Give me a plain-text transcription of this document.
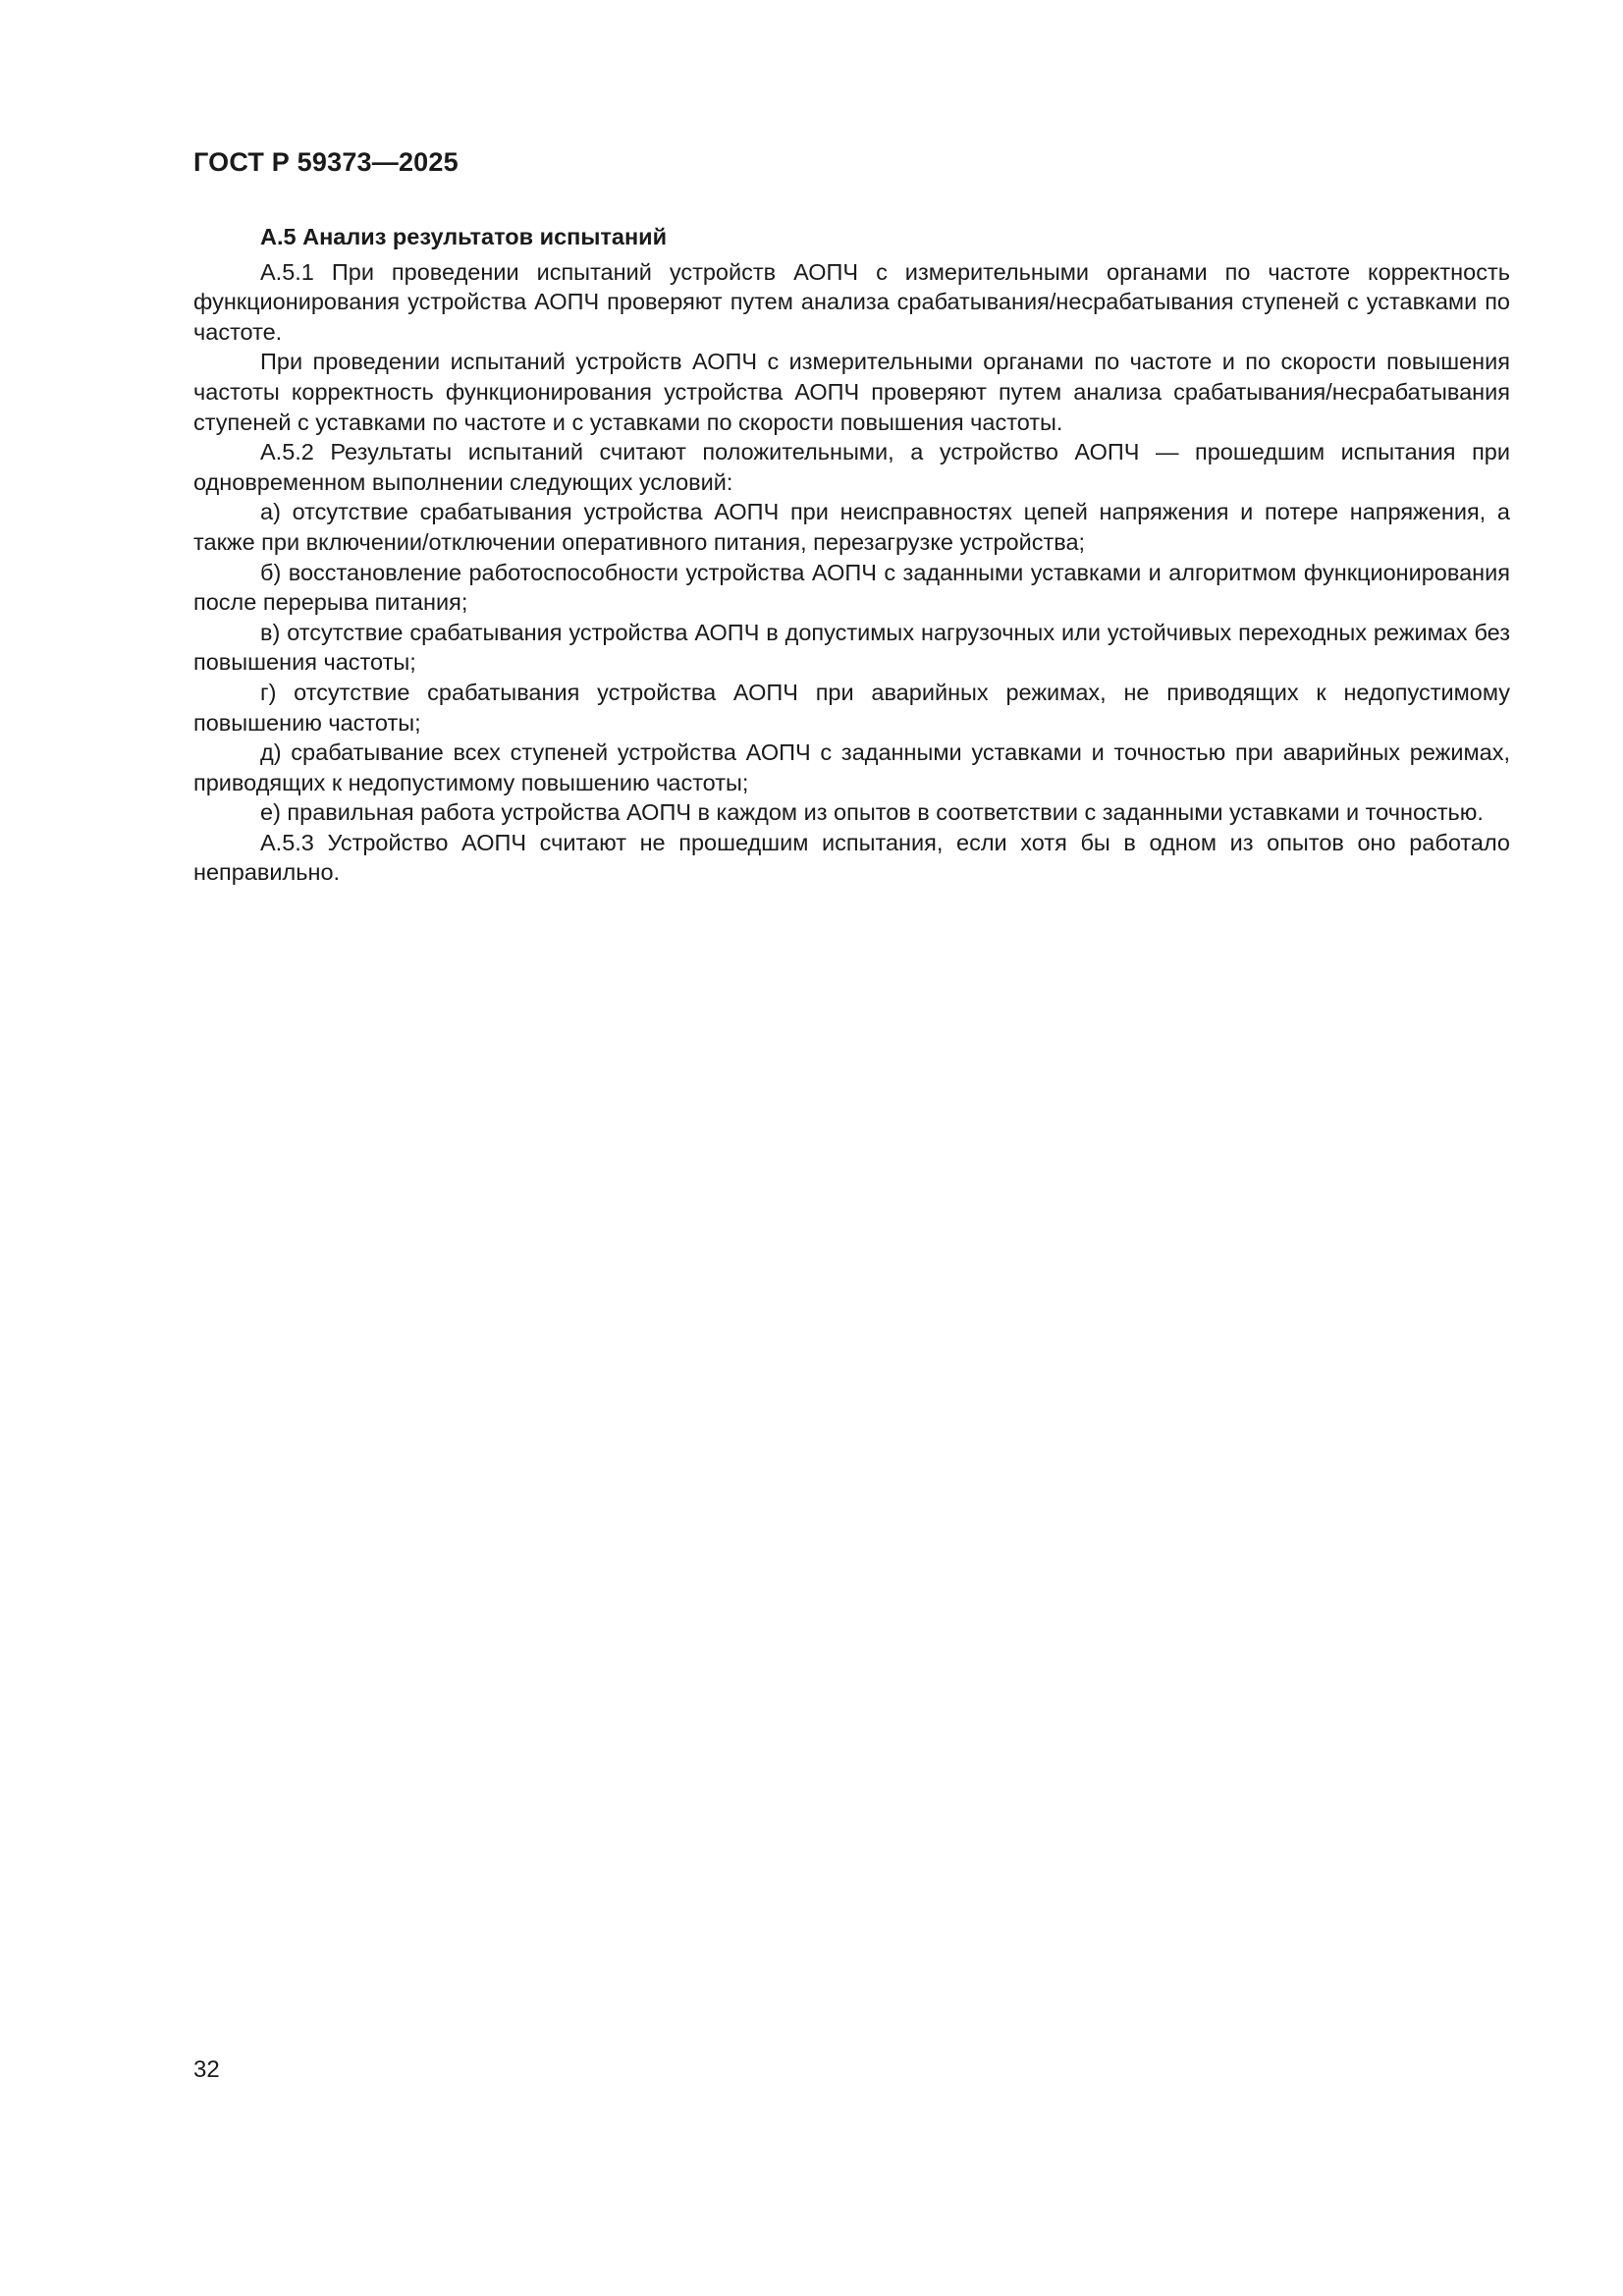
ГОСТ Р 59373—2025
А.5 Анализ результатов испытаний

А.5.1 При проведении испытаний устройств АОПЧ с измерительными органами по частоте корректность функционирования устройства АОПЧ проверяют путем анализа срабатывания/несрабатывания ступеней с уставками по частоте.

При проведении испытаний устройств АОПЧ с измерительными органами по частоте и по скорости повышения частоты корректность функционирования устройства АОПЧ проверяют путем анализа срабатывания/несрабатывания ступеней с уставками по частоте и с уставками по скорости повышения частоты.

А.5.2 Результаты испытаний считают положительными, а устройство АОПЧ — прошедшим испытания при одновременном выполнении следующих условий:

а) отсутствие срабатывания устройства АОПЧ при неисправностях цепей напряжения и потере напряжения, а также при включении/отключении оперативного питания, перезагрузке устройства;

б) восстановление работоспособности устройства АОПЧ с заданными уставками и алгоритмом функционирования после перерыва питания;

в) отсутствие срабатывания устройства АОПЧ в допустимых нагрузочных или устойчивых переходных режимах без повышения частоты;

г) отсутствие срабатывания устройства АОПЧ при аварийных режимах, не приводящих к недопустимому повышению частоты;

д) срабатывание всех ступеней устройства АОПЧ с заданными уставками и точностью при аварийных режимах, приводящих к недопустимому повышению частоты;

е) правильная работа устройства АОПЧ в каждом из опытов в соответствии с заданными уставками и точностью.

А.5.3 Устройство АОПЧ считают не прошедшим испытания, если хотя бы в одном из опытов оно работало неправильно.

32
